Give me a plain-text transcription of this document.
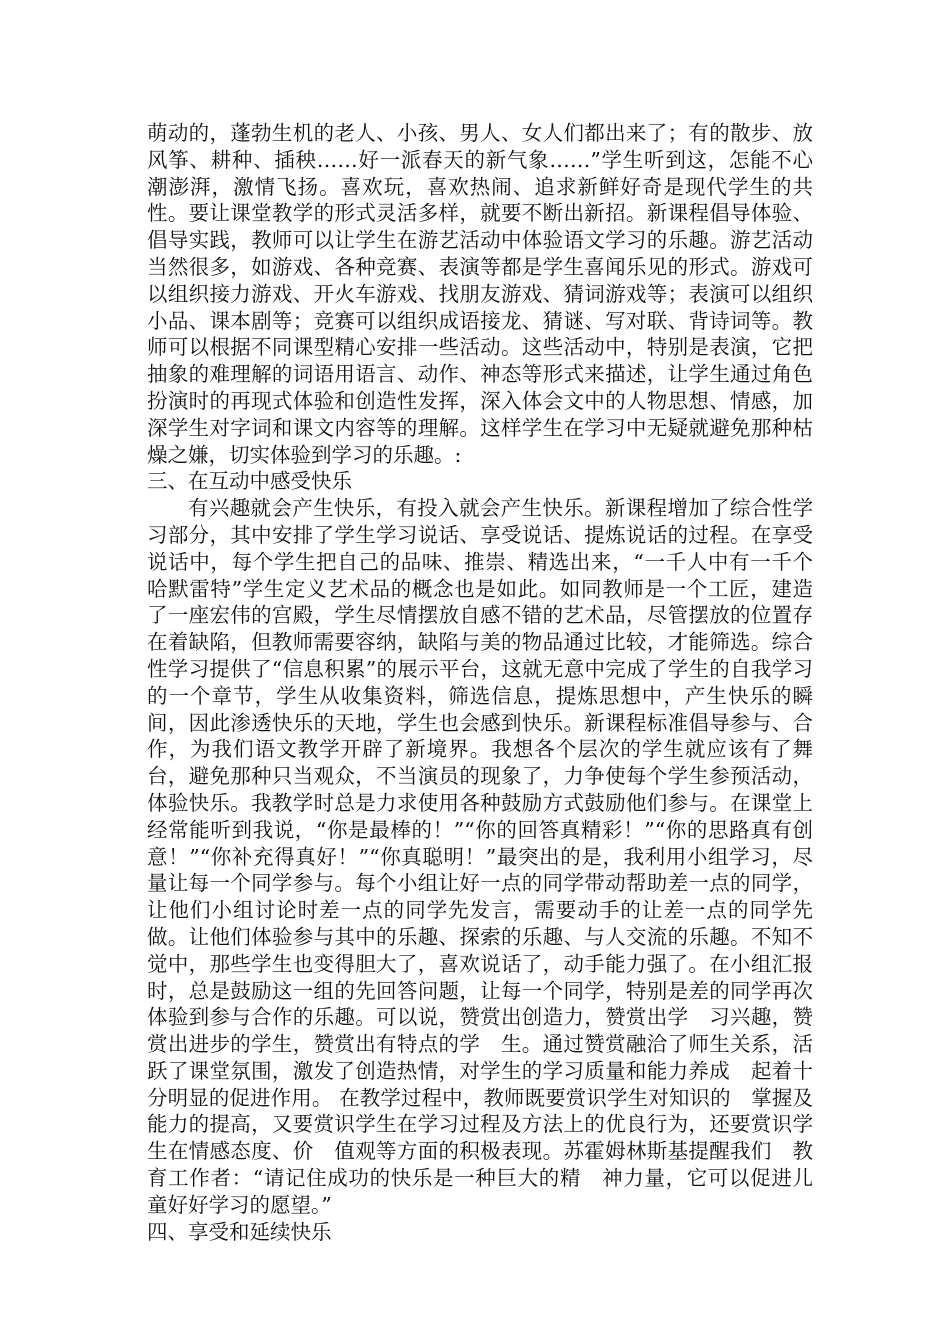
萌动的，蓬勃生机的老人、小孩、男人、女人们都出来了；有的散步、放风筝、耕种、插秧……好一派春天的新气象……”学生听到这，怎能不心潮澎湃，激情飞扬。喜欢玩，喜欢热闹、追求新鲜好奇是现代学生的共性。要让课堂教学的形式灵活多样，就要不断出新招。新课程倡导体验、倡导实践，教师可以让学生在游艺活动中体验语文学习的乐趣。游艺活动当然很多，如游戏、各种竞赛、表演等都是学生喜闻乐见的形式。游戏可以组织接力游戏、开火车游戏、找朋友游戏、猜词游戏等；表演可以组织小品、课本剧等；竞赛可以组织成语接龙、猜谜、写对联、背诗词等。教师可以根据不同课型精心安排一些活动。这些活动中，特别是表演，它把抽象的难理解的词语用语言、动作、神态等形式来描述，让学生通过角色扮演时的再现式体验和创造性发挥，深入体会文中的人物思想、情感，加深学生对字词和课文内容等的理解。这样学生在学习中无疑就避免那种枯燥之嫌，切实体验到学习的乐趣。:

三、在互动中感受快乐

有兴趣就会产生快乐，有投入就会产生快乐。新课程增加了综合性学习部分，其中安排了学生学习说话、享受说话、提炼说话的过程。在享受说话中，每个学生把自己的品味、推崇、精选出来，“一千人中有一千个哈默雷特”学生定义艺术品的概念也是如此。如同教师是一个工匠，建造了一座宏伟的宫殿，学生尽情摆放自感不错的艺术品，尽管摆放的位置存在着缺陷，但教师需要容纳，缺陷与美的物品通过比较，才能筛选。综合性学习提供了“信息积累”的展示平台，这就无意中完成了学生的自我学习的一个章节，学生从收集资料，筛选信息，提炼思想中，产生快乐的瞬间，因此渗透快乐的天地，学生也会感到快乐。新课程标准倡导参与、合作，为我们语文教学开辟了新境界。我想各个层次的学生就应该有了舞台，避免那种只当观众，不当演员的现象了，力争使每个学生参预活动，体验快乐。我教学时总是力求使用各种鼓励方式鼓励他们参与。在课堂上经常能听到我说，“你是最棒的！”“你的回答真精彩！”“你的思路真有创意！”“你补充得真好！”“你真聪明！”最突出的是，我利用小组学习，尽量让每一个同学参与。每个小组让好一点的同学带动帮助差一点的同学，让他们小组讨论时差一点的同学先发言，需要动手的让差一点的同学先做。让他们体验参与其中的乐趣、探索的乐趣、与人交流的乐趣。不知不觉中，那些学生也变得胆大了，喜欢说话了，动手能力强了。在小组汇报时，总是鼓励这一组的先回答问题，让每一个同学，特别是差的同学再次体验到参与合作的乐趣。可以说，赞赏出创造力，赞赏出学　习兴趣，赞赏出进步的学生，赞赏出有特点的学　生。通过赞赏融洽了师生关系，活跃了课堂氛围，激发了创造热情，对学生的学习质量和能力养成　起着十分明显的促进作用。 在教学过程中，教师既要赏识学生对知识的　掌握及能力的提高，又要赏识学生在学习过程及方法上的优良行为，还要赏识学生在情感态度、价　值观等方面的积极表现。苏霍姆林斯基提醒我们　教育工作者：“请记住成功的快乐是一种巨大的精　神力量，它可以促进儿童好好学习的愿望。”

四、享受和延续快乐
